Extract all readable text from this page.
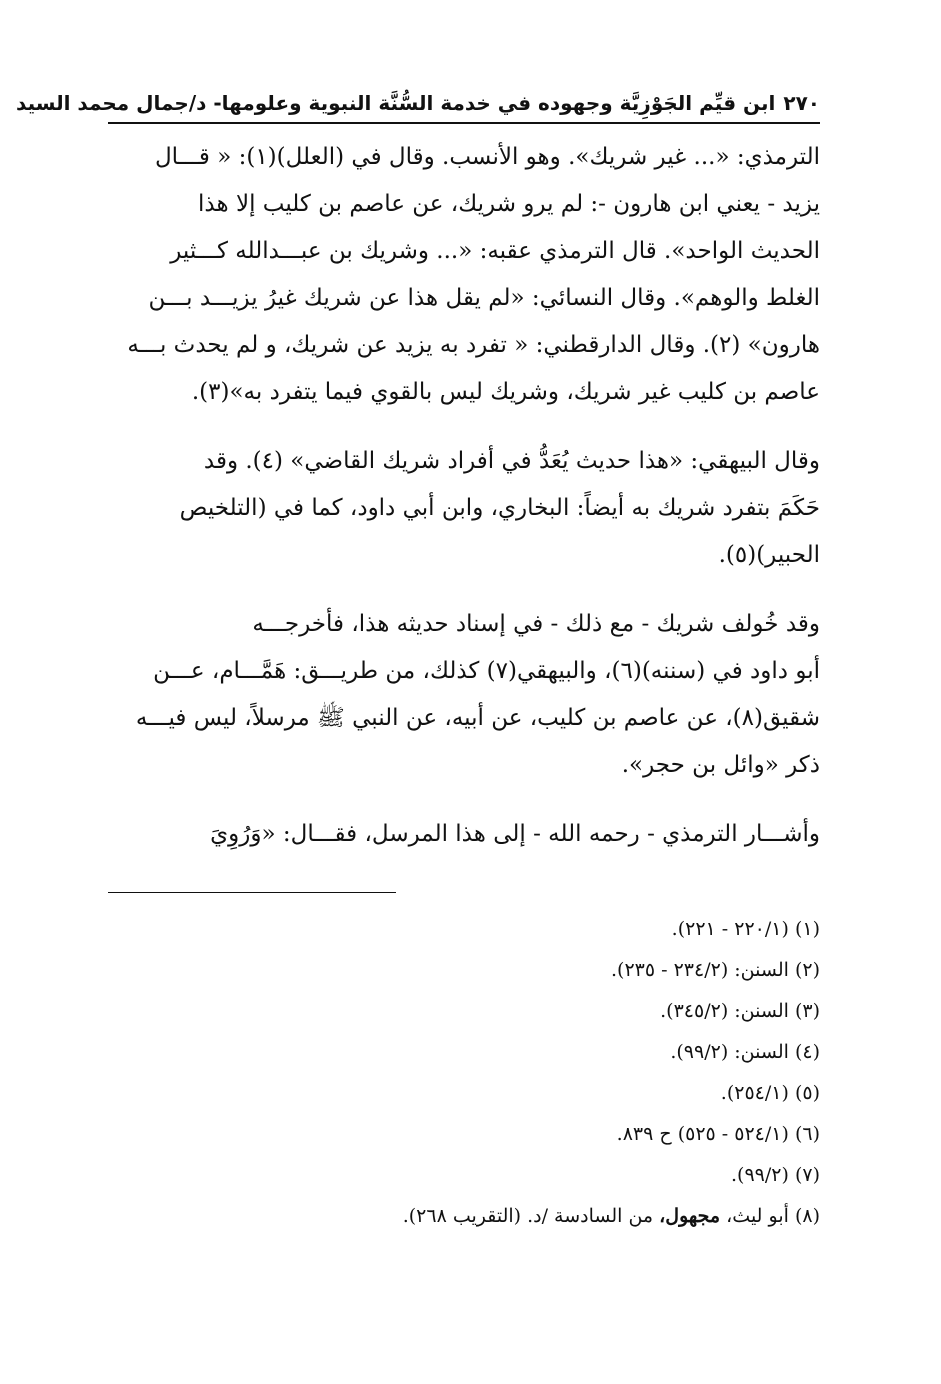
٢٧٠
ابن قيِّم الجَوْزِيَّة وجهوده في خدمة السُّنَّة النبوية وعلومها- د/جمال محمد السيد

الترمذي: «... غير شريك». وهو الأنسب. وقال في (العلل)(١): « قـــال
يزيد - يعني ابن هارون -: لم يرو شريك، عن عاصم بن كليب إلا هذا
الحديث الواحد». قال الترمذي عقبه: «... وشريك بن عبـــدالله كـــثير
الغلط والوهم». وقال النسائي: «لم يقل هذا عن شريك غيرُ يزيـــد بـــن
هارون» (٢). وقال الدارقطني: « تفرد به يزيد عن شريك، و لم يحدث بـــه
عاصم بن كليب غير شريك، وشريك ليس بالقوي فيما يتفرد به»(٣).

وقال البيهقي: «هذا حديث يُعَدُّ في أفراد شريك القاضي» (٤). وقد
حَكَمَ بتفرد شريك به أيضاً: البخاري، وابن أبي داود، كما في (التلخيص
الحبير)(٥).

وقد خُولف شريك - مع ذلك - في إسناد حديثه هذا، فأخرجـــه
أبو داود في (سننه)(٦)، والبيهقي(٧) كذلك، من طريـــق: هَمَّـــام، عـــن
شقيق(٨)، عن عاصم بن كليب، عن أبيه، عن النبي ﷺ مرسلاً، ليس فيـــه
ذكر «وائل بن حجر».

وأشـــار الترمذي - رحمه الله - إلى هذا المرسل، فقـــال: «وَرُوِيَ

(١) (٢٢٠/١ - ٢٢١).
(٢) السنن: (٢٣٤/٢ - ٢٣٥).
(٣) السنن: (٣٤٥/٢).
(٤) السنن: (٩٩/٢).
(٥) (٢٥٤/١).
(٦) (٥٢٤/١ - ٥٢٥) ح ٨٣٩.
(٧) (٩٩/٢).
(٨) أبو ليث، مجهول، من السادسة /د. (التقريب ٢٦٨).
